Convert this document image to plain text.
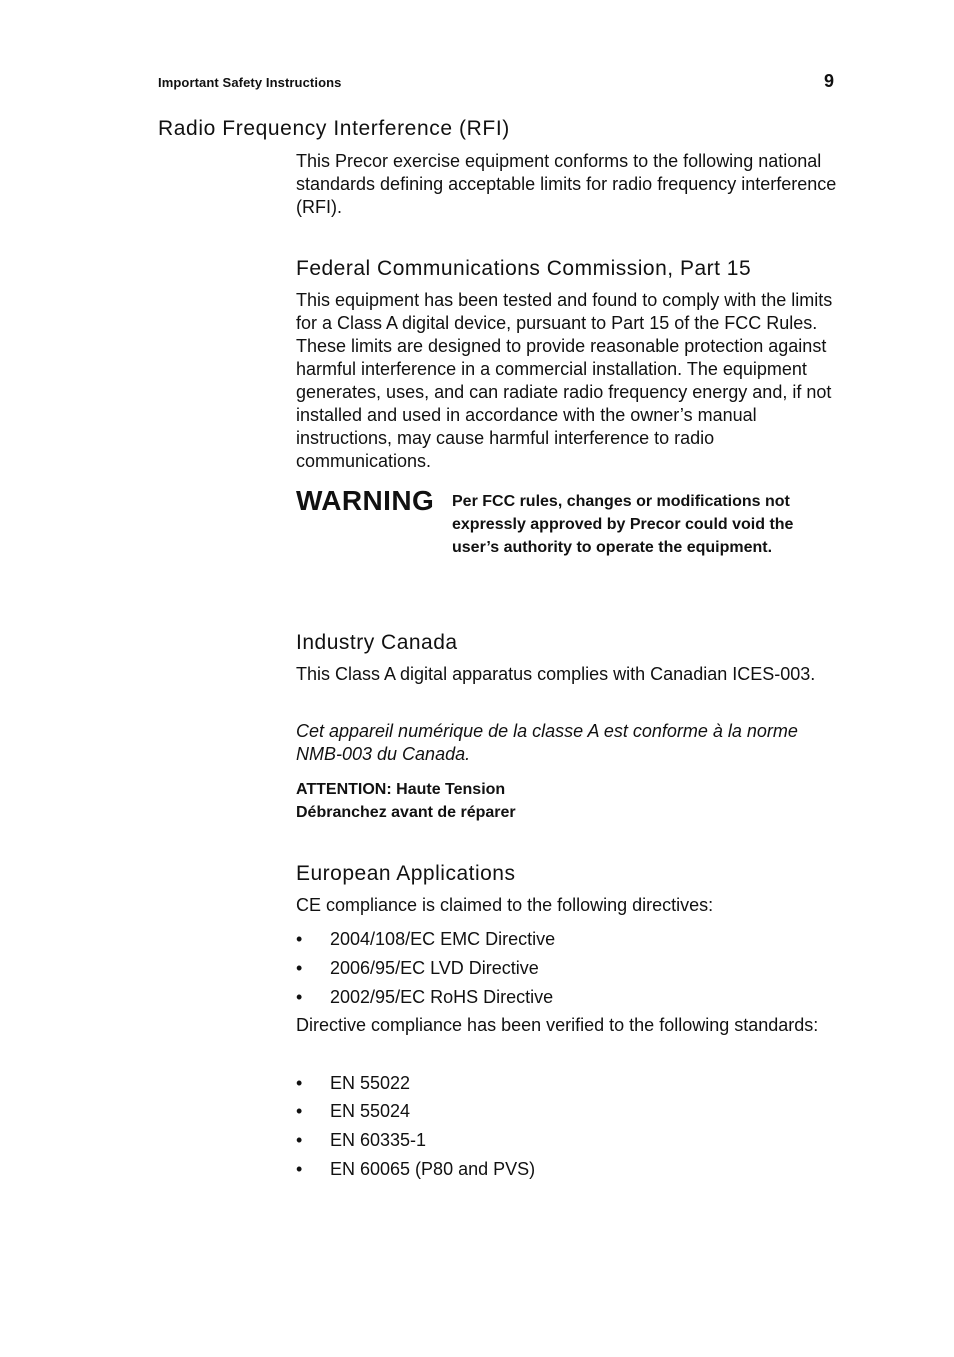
Important Safety Instructions	9
Radio Frequency Interference (RFI)
This Precor exercise equipment conforms to the following national standards defining acceptable limits for radio frequency interference (RFI).
Federal Communications Commission, Part 15
This equipment has been tested and found to comply with the limits for a Class A digital device, pursuant to Part 15 of the FCC Rules. These limits are designed to provide reasonable protection against harmful interference in a commercial installation. The equipment generates, uses, and can radiate radio frequency energy and, if not installed and used in accordance with the owner’s manual instructions, may cause harmful interference to radio communications.
WARNING Per FCC rules, changes or modifications not expressly approved by Precor could void the user’s authority to operate the equipment.
Industry Canada
This Class A digital apparatus complies with Canadian ICES-003.
Cet appareil numérique de la classe A est conforme à la norme NMB-003 du Canada.
ATTENTION: Haute Tension
Débranchez avant de réparer
European Applications
CE compliance is claimed to the following directives:
• 2004/108/EC EMC Directive
• 2006/95/EC LVD Directive
• 2002/95/EC RoHS Directive
Directive compliance has been verified to the following standards:
• EN 55022
• EN 55024
• EN 60335-1
• EN 60065 (P80 and PVS)
